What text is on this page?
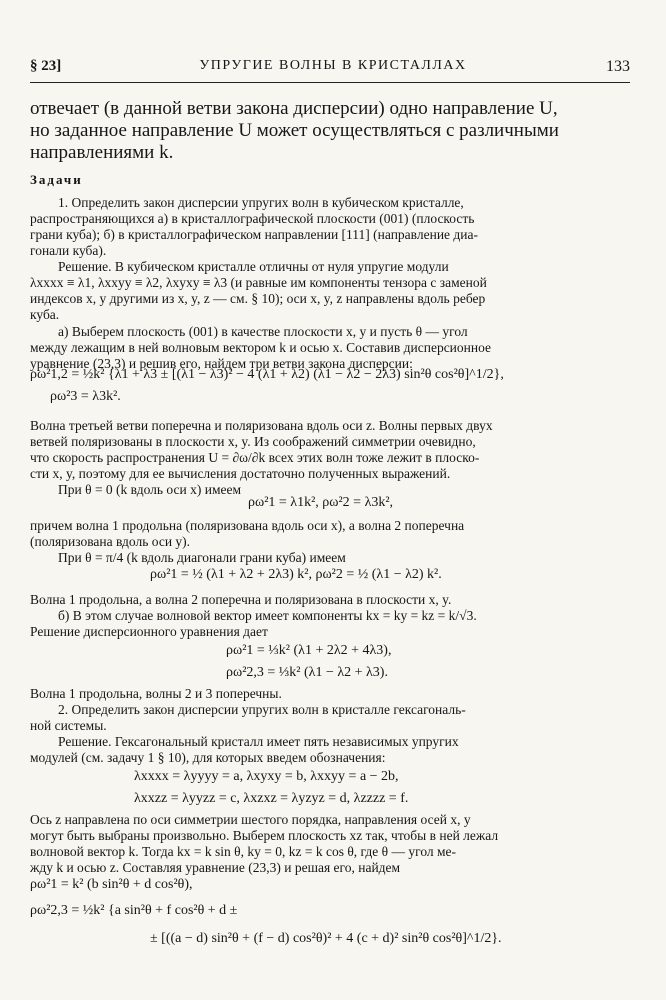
§ 23]	УПРУГИЕ ВОЛНЫ В КРИСТАЛЛАХ	133
отвечает (в данной ветви закона дисперсии) одно направление U,
но заданное направление U может осуществляться с различными
направлениями k.
Задачи
1. Определить закон дисперсии упругих волн в кубическом кристалле,
распространяющихся а) в кристаллографической плоскости (001) (плоскость
грани куба); б) в кристаллографическом направлении [111] (направление диа-
гонали куба).
Решение. В кубическом кристалле отличны от нуля упругие модули
λxxxx ≡ λ1, λxxyy ≡ λ2, λxyxy ≡ λ3 (и равные им компоненты тензора с заменой
индексов x, y другими из x, y, z — см. § 10); оси x, y, z направлены вдоль ребер
куба.
а) Выберем плоскость (001) в качестве плоскости x, y и пусть θ — угол
между лежащим в ней волновым вектором k и осью x. Составив дисперсионное
уравнение (23,3) и решив его, найдем три ветви закона дисперсии:
ρω²1,2 = ½k² {λ1 + λ3 ± [(λ1 − λ3)² − 4 (λ1 + λ2) (λ1 − λ2 − 2λ3) sin²θ cos²θ]^1/2},
ρω²3 = λ3k².
Волна третьей ветви поперечна и поляризована вдоль оси z. Волны первых двух
ветвей поляризованы в плоскости x, y. Из соображений симметрии очевидно,
что скорость распространения U = ∂ω/∂k всех этих волн тоже лежит в плоско-
сти x, y, поэтому для ее вычисления достаточно полученных выражений.
При θ = 0 (k вдоль оси x) имеем
ρω²1 = λ1k², ρω²2 = λ3k²,
причем волна 1 продольна (поляризована вдоль оси x), а волна 2 поперечна
(поляризована вдоль оси y).
При θ = π/4 (k вдоль диагонали грани куба) имеем
ρω²1 = ½ (λ1 + λ2 + 2λ3) k², ρω²2 = ½ (λ1 − λ2) k².
Волна 1 продольна, а волна 2 поперечна и поляризована в плоскости x, y.
б) В этом случае волновой вектор имеет компоненты kx = ky = kz = k/√3.
Решение дисперсионного уравнения дает
ρω²1 = ⅓k² (λ1 + 2λ2 + 4λ3),
ρω²2,3 = ⅓k² (λ1 − λ2 + λ3).
Волна 1 продольна, волны 2 и 3 поперечны.
2. Определить закон дисперсии упругих волн в кристалле гексагональ-
ной системы.
Решение. Гексагональный кристалл имеет пять независимых упругих
модулей (см. задачу 1 § 10), для которых введем обозначения:
λxxxx = λyyyy = a, λxyxy = b, λxxyy = a − 2b,
λxxzz = λyyzz = c, λxzxz = λyzyz = d, λzzzz = f.
Ось z направлена по оси симметрии шестого порядка, направления осей x, y
могут быть выбраны произвольно. Выберем плоскость xz так, чтобы в ней лежал
волновой вектор k. Тогда kx = k sin θ, ky = 0, kz = k cos θ, где θ — угол ме-
жду k и осью z. Составляя уравнение (23,3) и решая его, найдем
ρω²1 = k² (b sin²θ + d cos²θ),
ρω²2,3 = ½k² {a sin²θ + f cos²θ + d ±
± [((a − d) sin²θ + (f − d) cos²θ)² + 4 (c + d)² sin²θ cos²θ]^1/2}.
